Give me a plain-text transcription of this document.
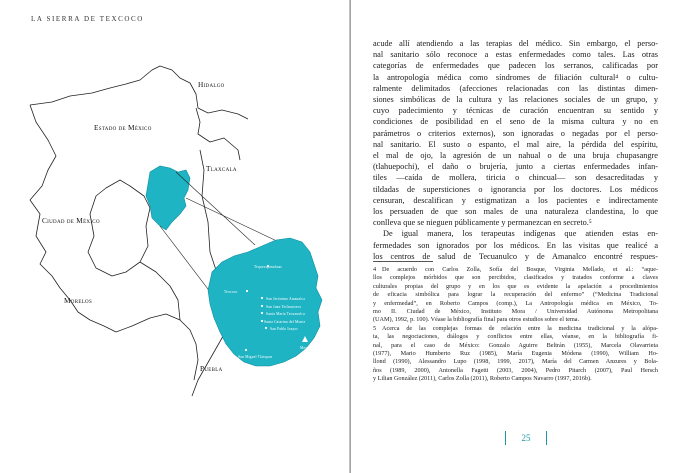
LA SIERRA DE TEXCOCO
Hidalgo
Estado de México
Tlaxcala
Ciudad de México
Morelos
Puebla
Tequexquinahuac
Texcoco
San Jerónimo Amanalco
San Juan Tetlmatoeco
Santa María Tecuanulco
Santa Catarina del Monte
San Pablo Ixayoc
Monte Tlaloc
San Miguel Tlaixpan
25

acude allí atendiendo a las terapias del médico. Sin embargo, el perso-
nal sanitario sólo reconoce a estas enfermedades como tales. Las otras
categorías de enfermedades que padecen los serranos, calificadas por
la antropología médica como síndromes de filiación cultural⁴ o cultu-
ralmente delimitados (afecciones relacionadas con las distintas dimen-
siones simbólicas de la cultura y las relaciones sociales de un grupo, y
cuyo padecimiento y técnicas de curación encuentran su sentido y
condiciones de posibilidad en el seno de la misma cultura y no en
parámetros o criterios externos), son ignoradas o negadas por el perso-
nal sanitario. El susto o espanto, el mal aire, la pérdida del espíritu,
el mal de ojo, la agresión de un nahual o de una bruja chupasangre
(tlahuepochi), el daño o brujería, junto a ciertas enfermedades infan-
tiles —caída de mollera, tiricia o chincual— son desacreditadas y
tildadas de supersticiones o ignorancia por los doctores. Los médicos
censuran, descalifican y estigmatizan a los pacientes e indirectamente
los persuaden de que son males de una naturaleza clandestina, lo que
conlleva que se nieguen públicamente y permanezcan en secreto.⁵

De igual manera, los terapeutas indígenas que atienden estas en-
fermedades son ignorados por los médicos. En las visitas que realicé a
los centros de salud de Tecuanulco y de Amanalco encontré respues-

4 De acuerdo con Carlos Zolla, Sofía del Bosque, Virginia Mellado, et al.: “aque-
llos complejos mórbidos que son percibidos, clasificados y tratados conforme a claves
culturales propias del grupo y en los que es evidente la apelación a procedimientos
de eficacia simbólica para lograr la recuperación del enfermo” (“Medicina Tradicional
y enfermedad”, en Roberto Campos (comp.), La Antropología médica en México, To-
mo II. Ciudad de México, Instituto Mora / Universidad Autónoma Metropolitana
(UAM), 1992, p. 100). Véase la bibliografía final para otros estudios sobre el tema.
5 Acerca de las complejas formas de relación entre la medicina tradicional y la alópa-
ta, las negociaciones, diálogos y conflictos entre ellas, véanse, en la bibliografía fi-
nal, para el caso de México: Gonzalo Aguirre Beltrán (1955), Marcela Olavarrieta
(1977), Mario Humberto Ruz (1985), María Eugenia Módena (1990), William Ho-
llond (1990), Alessandro Lupo (1998, 1999, 2017), María del Carmen Anzures y Bola-
ños (1989, 2000), Antonella Fagetti (2003, 2004), Pedro Pitarch (2007), Paul Hersch
y Lilian González (2011), Carlos Zolla (2011), Roberto Campos Navarro (1997, 2016b).
